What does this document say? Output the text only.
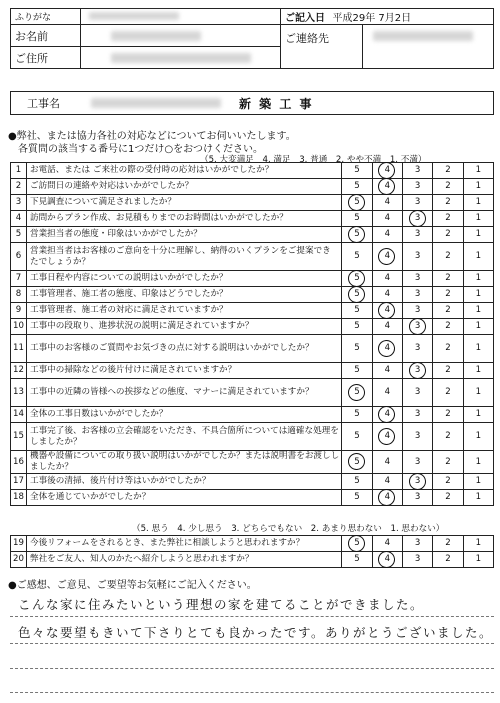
ふりがな		ご記入日 平成29年 7月2日	
お名前		ご連絡先	

ご住所			
工事名	新 築 工 事
●弊社、または協力各社の対応などについてお伺いいたします。
各質問の該当する番号に1つだけ○をおつけください。
（5. 大変満足　4. 満足　3. 普通　2. やや不満　1. 不満）
1	お電話、または ご来社の際の受付時の応対はいかがでしたか？	5	4	3	2	1
2	ご訪問日の連絡や対応はいかがでしたか？	5	4	3	2	1
3	下見調査について満足されましたか？	5	4	3	2	1
4	訪問からプラン作成、お見積もりまでのお時間はいかがでしたか？	5	4	3	2	1
5	営業担当者の態度・印象はいかがでしたか？	5	4	3	2	1
6	営業担当者はお客様のご意向を十分に理解し、納得のいくプランをご提案できたでしょうか？	5	4	3	2	1
7	工事日程や内容についての説明はいかがでしたか？	5	4	3	2	1
8	工事管理者、施工者の態度、印象はどうでしたか？	5	4	3	2	1
9	工事管理者、施工者の対応に満足されていますか？	5	4	3	2	1
10	工事中の段取り、進捗状況の説明に満足されていますか？	5	4	3	2	1
11	工事中のお客様のご質問やお気づきの点に対する説明はいかがでしたか？	5	4	3	2	1
12	工事中の掃除などの後片付けに満足されていますか？	5	4	3	2	1
13	工事中の近隣の皆様への挨拶などの態度、マナーに満足されていますか？	5	4	3	2	1
14	全体の工事日数はいかがでしたか？	5	4	3	2	1
15	工事完了後、お客様の立会確認をいただき、不具合箇所については適確な処理をしましたか？	5	4	3	2	1
16	機器や設備についての取り扱い説明はいかがでしたか？または説明書をお渡ししましたか？	5	4	3	2	1
17	工事後の清掃、後片付け等はいかがでしたか？	5	4	3	2	1
18	全体を通じていかがでしたか？	5	4	3	2	1
（5. 思う　4. 少し思う　3. どちらでもない　2. あまり思わない　1. 思わない）
19	今後リフォームをされるとき、また弊社に相談しようと思われますか？	5	4	3	2	1
20	弊社をご友人、知人のかたへ紹介しようと思われますか？	5	4	3	2	1
●ご感想、ご意見、ご要望等お気軽にご記入ください。
こんな家に住みたいという理想の家を建てることができました。
色々な要望もきいて下さりとても良かったです。ありがとうございました。
